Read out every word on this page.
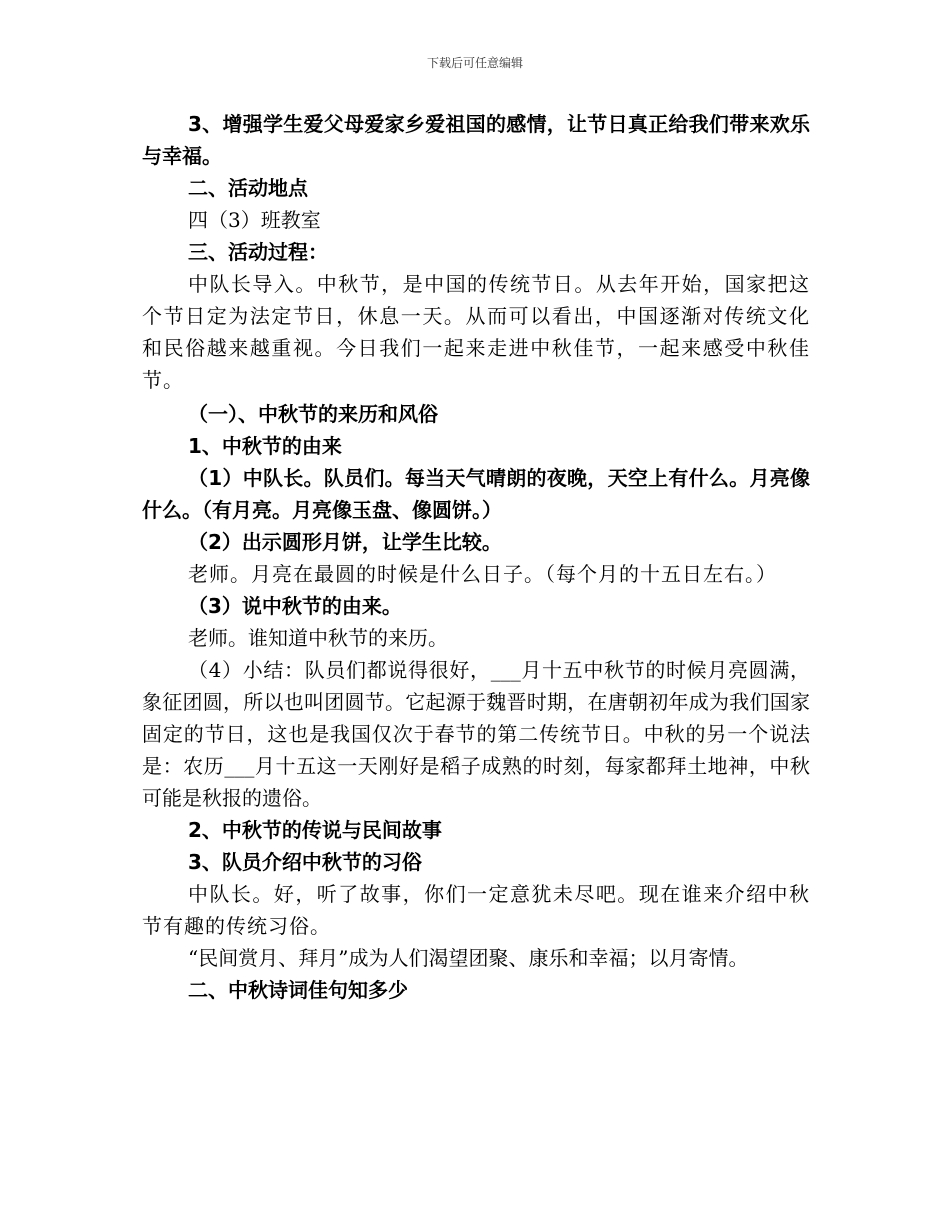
下载后可任意编辑

3、增强学生爱父母爱家乡爱祖国的感情，让节日真正给我们带来欢乐与幸福。

二、活动地点

四（3）班教室

三、活动过程：

中队长导入。中秋节，是中国的传统节日。从去年开始，国家把这个节日定为法定节日，休息一天。从而可以看出，中国逐渐对传统文化和民俗越来越重视。今日我们一起来走进中秋佳节，一起来感受中秋佳节。

（一）、中秋节的来历和风俗

1、中秋节的由来

（1）中队长。队员们。每当天气晴朗的夜晚，天空上有什么。月亮像什么。（有月亮。月亮像玉盘、像圆饼。）

（2）出示圆形月饼，让学生比较。

老师。月亮在最圆的时候是什么日子。（每个月的十五日左右。）

（3）说中秋节的由来。

老师。谁知道中秋节的来历。

（4）小结：队员们都说得很好，___月十五中秋节的时候月亮圆满，象征团圆，所以也叫团圆节。它起源于魏晋时期，在唐朝初年成为我们国家固定的节日，这也是我国仅次于春节的第二传统节日。中秋的另一个说法是：农历___月十五这一天刚好是稻子成熟的时刻，每家都拜土地神，中秋可能是秋报的遗俗。

2、中秋节的传说与民间故事

3、队员介绍中秋节的习俗

中队长。好，听了故事，你们一定意犹未尽吧。现在谁来介绍中秋节有趣的传统习俗。

“民间赏月、拜月”成为人们渴望团聚、康乐和幸福；以月寄情。

二、中秋诗词佳句知多少
